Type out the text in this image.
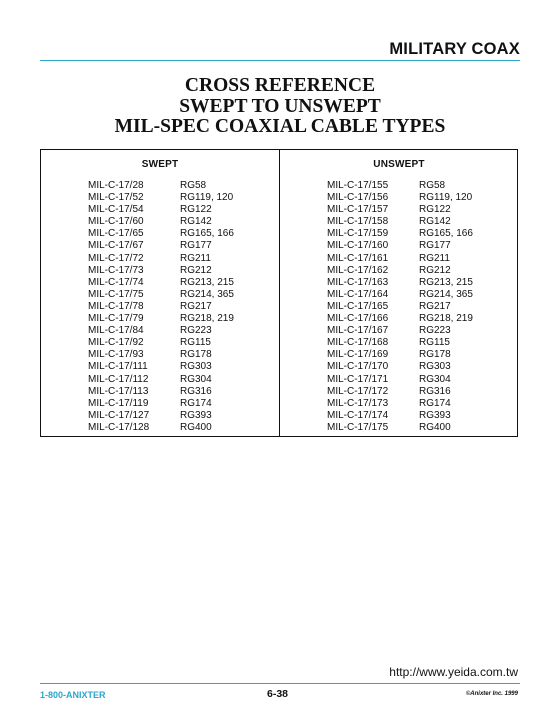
MILITARY COAX
CROSS REFERENCE
SWEPT TO UNSWEPT
MIL-SPEC COAXIAL CABLE TYPES
SWEPT
MIL-C-17/28	RG58
MIL-C-17/52	RG119, 120
MIL-C-17/54	RG122
MIL-C-17/60	RG142
MIL-C-17/65	RG165, 166
MIL-C-17/67	RG177
MIL-C-17/72	RG211
MIL-C-17/73	RG212
MIL-C-17/74	RG213, 215
MIL-C-17/75	RG214, 365
MIL-C-17/78	RG217
MIL-C-17/79	RG218, 219
MIL-C-17/84	RG223
MIL-C-17/92	RG115
MIL-C-17/93	RG178
MIL-C-17/111	RG303
MIL-C-17/112	RG304
MIL-C-17/113	RG316
MIL-C-17/119	RG174
MIL-C-17/127	RG393
MIL-C-17/128	RG400
UNSWEPT
MIL-C-17/155	RG58
MIL-C-17/156	RG119, 120
MIL-C-17/157	RG122
MIL-C-17/158	RG142
MIL-C-17/159	RG165, 166
MIL-C-17/160	RG177
MIL-C-17/161	RG211
MIL-C-17/162	RG212
MIL-C-17/163	RG213, 215
MIL-C-17/164	RG214, 365
MIL-C-17/165	RG217
MIL-C-17/166	RG218, 219
MIL-C-17/167	RG223
MIL-C-17/168	RG115
MIL-C-17/169	RG178
MIL-C-17/170	RG303
MIL-C-17/171	RG304
MIL-C-17/172	RG316
MIL-C-17/173	RG174
MIL-C-17/174	RG393
MIL-C-17/175	RG400
http://www.yeida.com.tw
1-800-ANIXTER	6-38	©Anixter Inc. 1999
